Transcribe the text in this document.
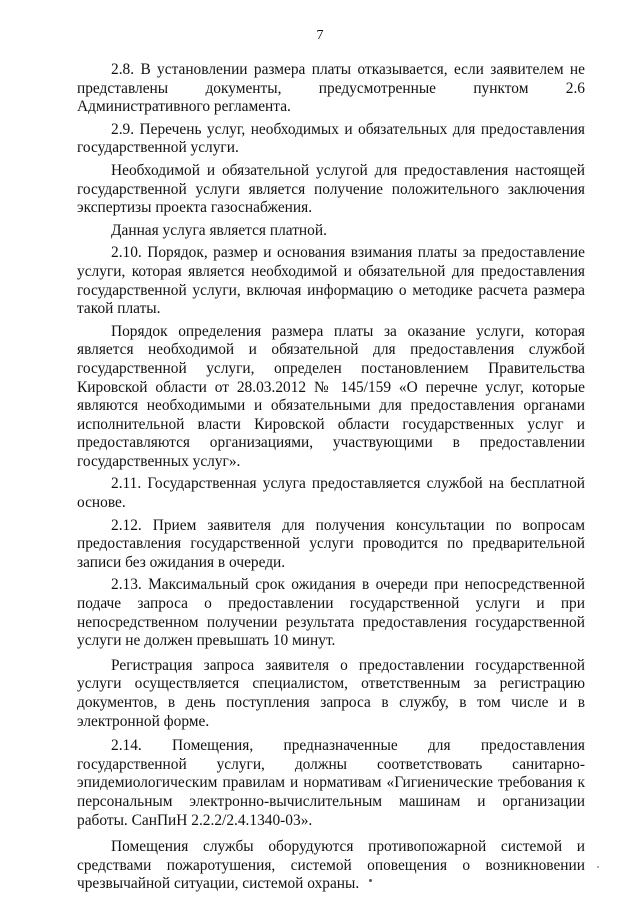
7

2.8. В установлении размера платы отказывается, если заявителем не представлены документы, предусмотренные пунктом 2.6 Административного регламента.

2.9. Перечень услуг, необходимых и обязательных для предоставления государственной услуги.

Необходимой и обязательной услугой для предоставления настоящей государственной услуги является получение положительного заключения экспертизы проекта газоснабжения.

Данная услуга является платной.

2.10. Порядок, размер и основания взимания платы за предоставление услуги, которая является необходимой и обязательной для предоставления государственной услуги, включая информацию о методике расчета размера такой платы.

Порядок определения размера платы за оказание услуги, которая является необходимой и обязательной для предоставления службой государственной услуги, определен постановлением Правительства Кировской области от 28.03.2012 № 145/159 «О перечне услуг, которые являются необходимыми и обязательными для предоставления органами исполнительной власти Кировской области государственных услуг и предоставляются организациями, участвующими в предоставлении государственных услуг».

2.11. Государственная услуга предоставляется службой на бесплатной основе.

2.12. Прием заявителя для получения консультации по вопросам предоставления государственной услуги проводится по предварительной записи без ожидания в очереди.

2.13. Максимальный срок ожидания в очереди при непосредственной подаче запроса о предоставлении государственной услуги и при непосредственном получении результата предоставления государственной услуги не должен превышать 10 минут.

Регистрация запроса заявителя о предоставлении государственной услуги осуществляется специалистом, ответственным за регистрацию документов, в день поступления запроса в службу, в том числе и в электронной форме.

2.14. Помещения, предназначенные для предоставления государственной услуги, должны соответствовать санитарно-эпидемиологическим правилам и нормативам «Гигиенические требования к персональным электронно-вычислительным машинам и организации работы. СанПиН 2.2.2/2.4.1340-03».

Помещения службы оборудуются противопожарной системой и средствами пожаротушения, системой оповещения о возникновении чрезвычайной ситуации, системой охраны.
